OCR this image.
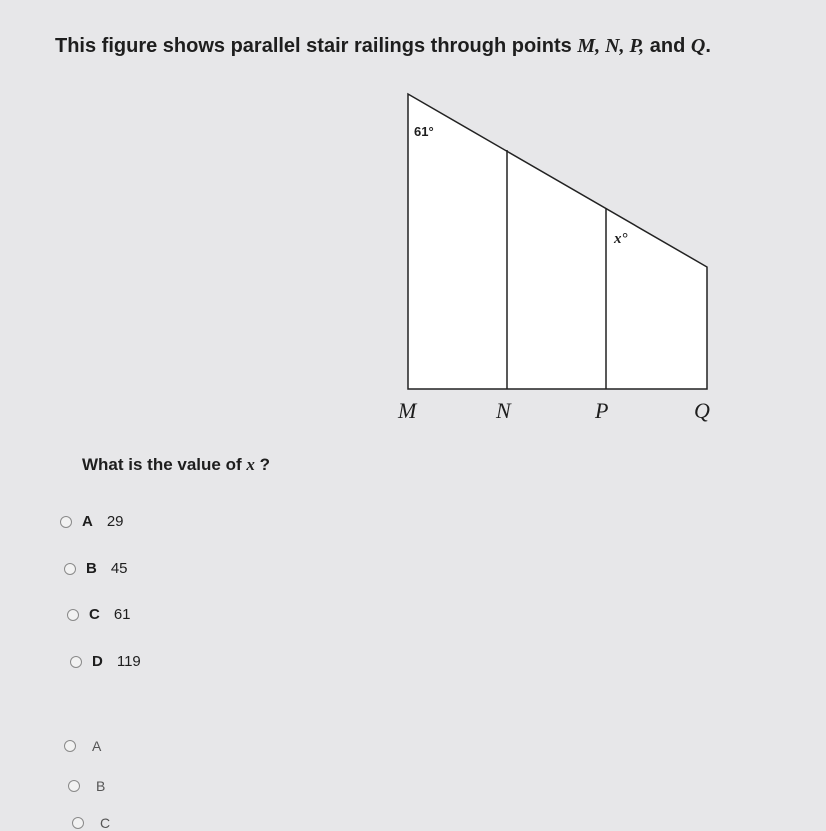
This figure shows parallel stair railings through points M, N, P, and Q.
61°
x°
M	N	P	Q
What is the value of x ?
A 29
B 45
C 61
D 119
A
B
C
